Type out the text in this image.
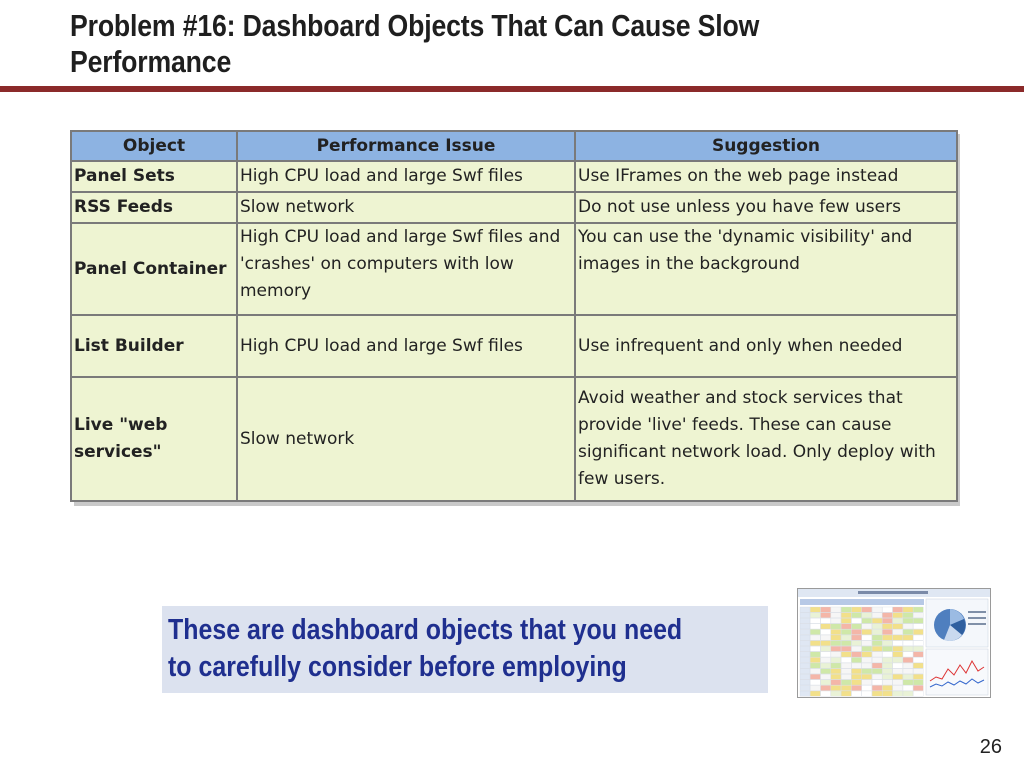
Problem #16: Dashboard Objects That Can Cause Slow Performance
Object	Performance Issue	Suggestion
Panel Sets	High CPU load and large Swf files	Use IFrames on the web page instead
RSS Feeds	Slow network	Do not use unless you have few users
Panel Container	High CPU load and large Swf files and 'crashes' on computers with low memory	You can use the 'dynamic visibility' and images in the background
List Builder	High CPU load and large Swf files	Use infrequent and only when needed
Live "web services"	Slow network	Avoid weather and stock services that provide 'live' feeds. These can cause significant network load. Only deploy with few users.
These are dashboard objects that you need to carefully consider before employing
26
